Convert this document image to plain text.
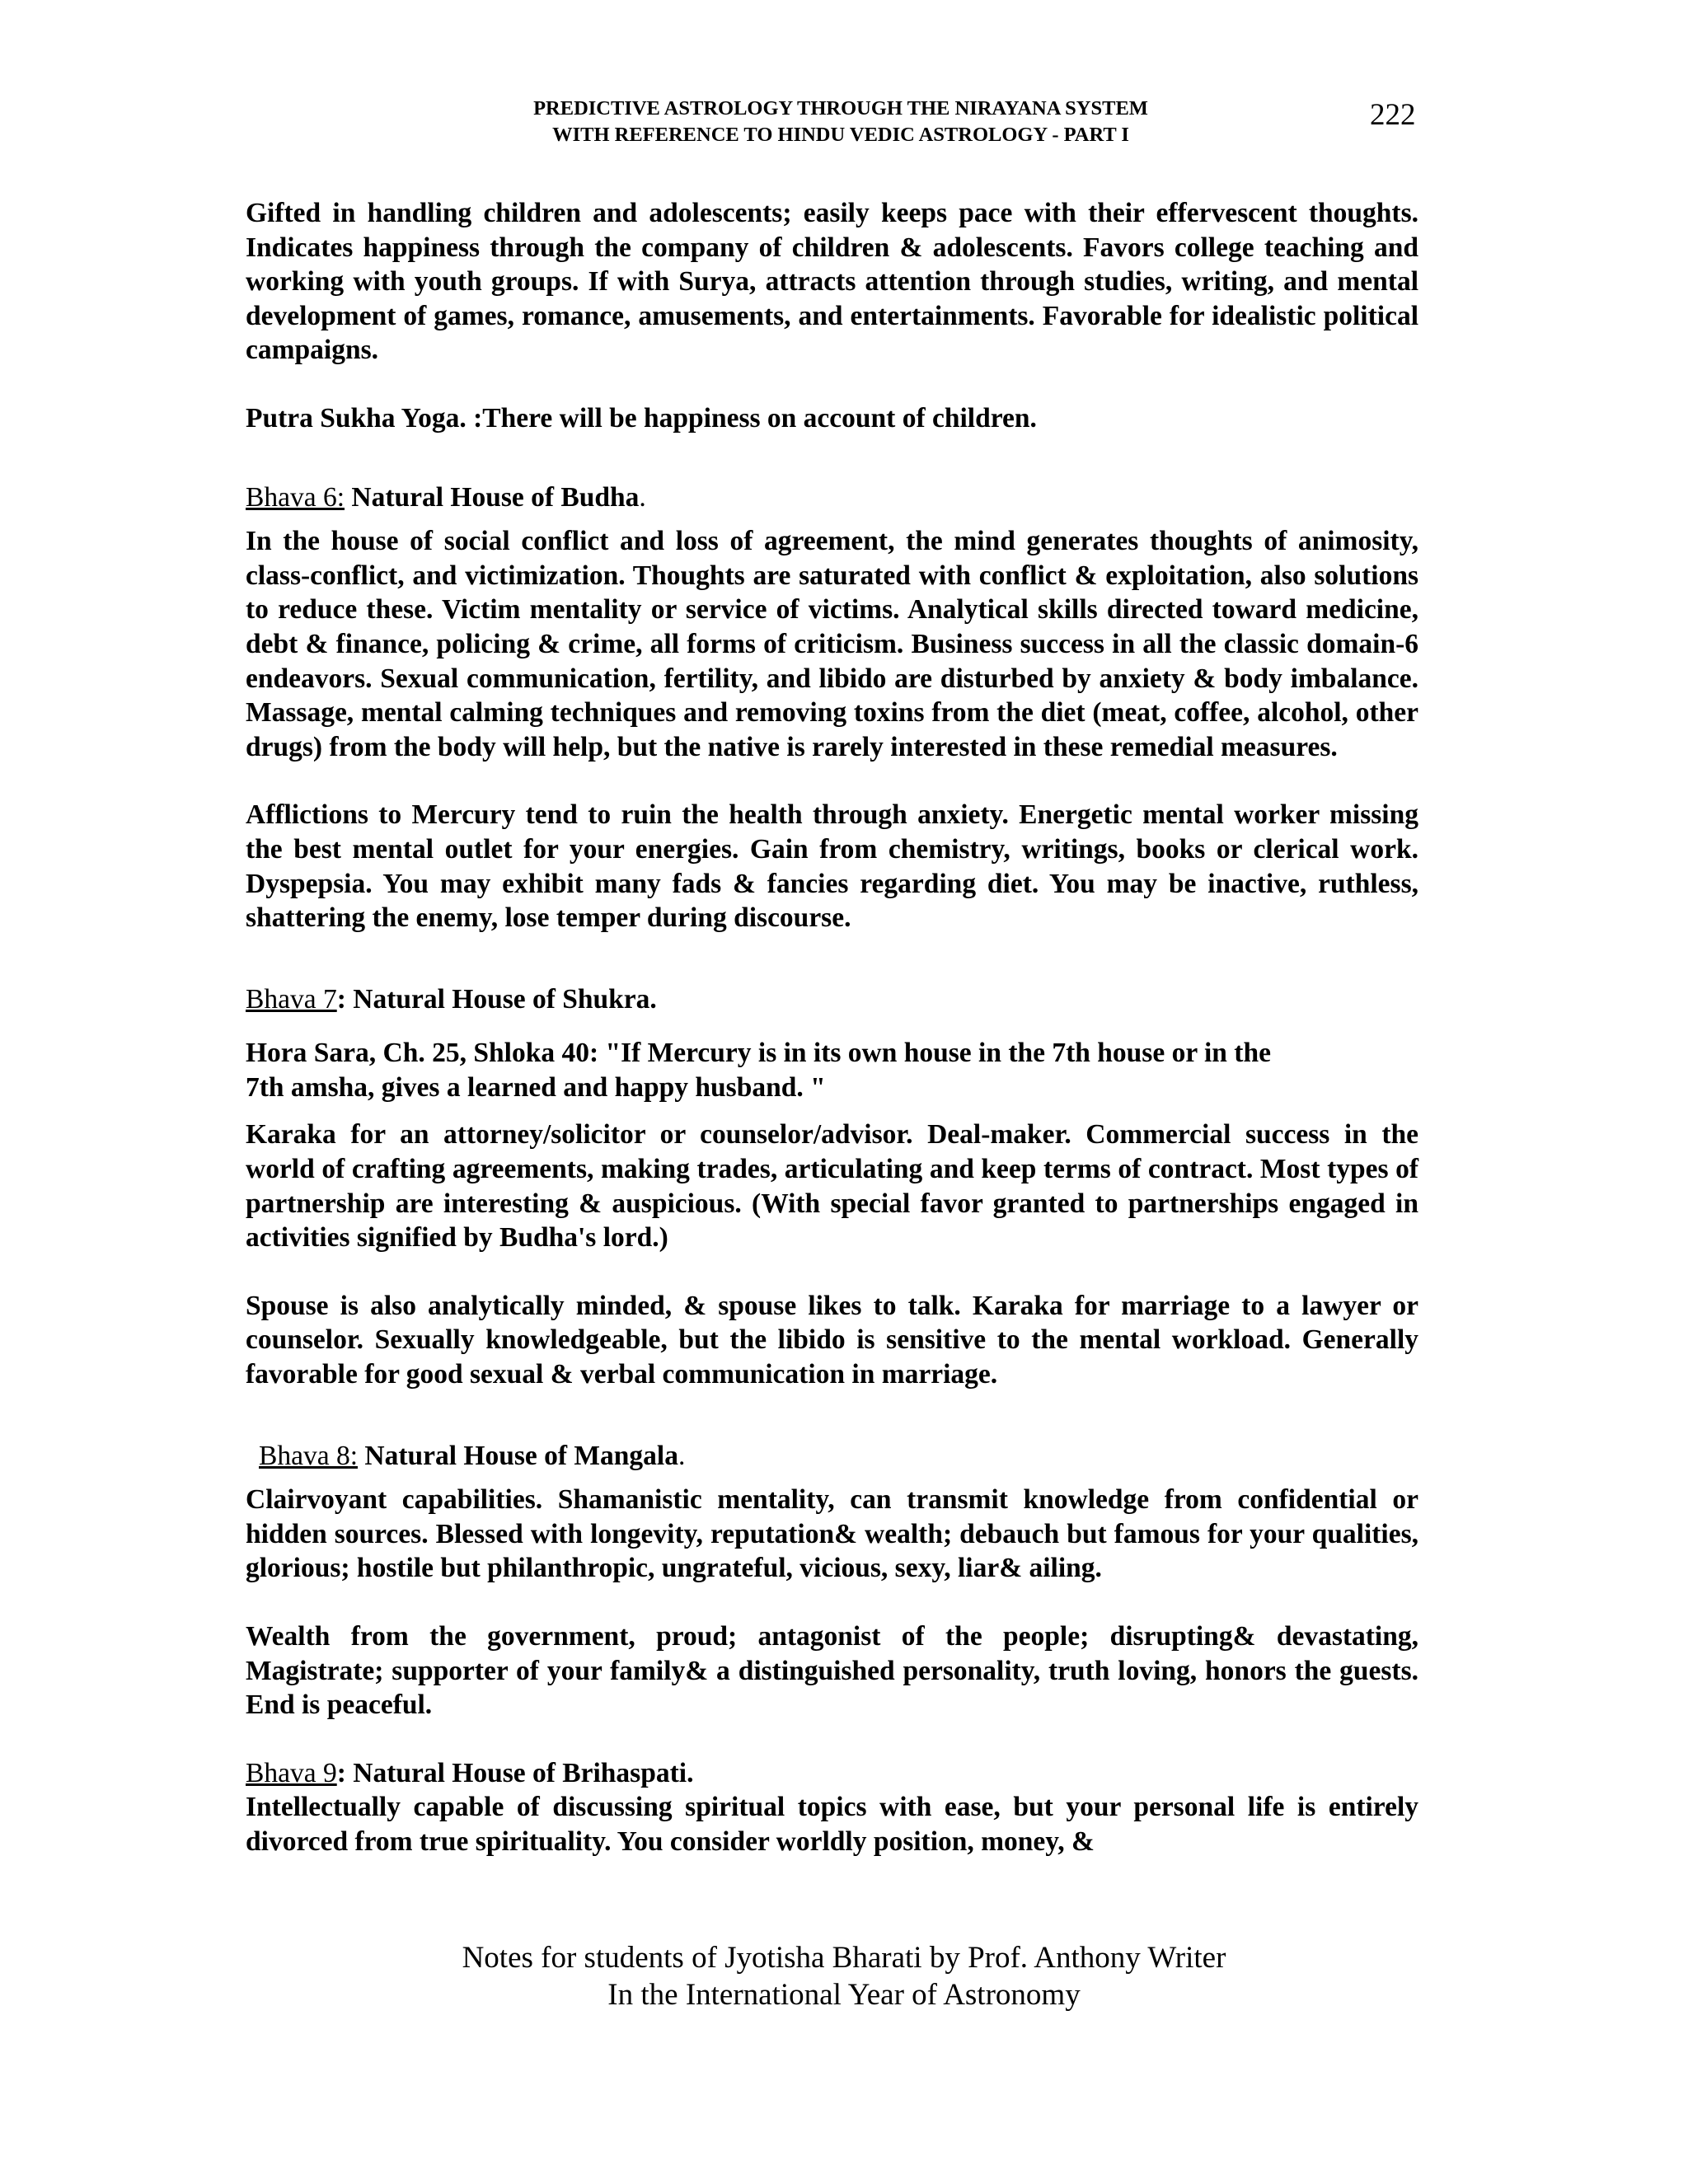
PREDICTIVE ASTROLOGY THROUGH THE NIRAYANA SYSTEM
WITH REFERENCE TO HINDU VEDIC ASTROLOGY - PART I
222

Gifted in handling children and adolescents; easily keeps pace with their effervescent thoughts. Indicates happiness through the company of children & adolescents. Favors college teaching and working with youth groups. If with Surya, attracts attention through studies, writing, and mental development of games, romance, amusements, and entertainments. Favorable for idealistic political campaigns.

Putra Sukha Yoga. :There will be happiness on account of children.

Bhava 6: Natural House of Budha.

In the house of social conflict and loss of agreement, the mind generates thoughts of animosity, class-conflict, and victimization. Thoughts are saturated with conflict & exploitation, also solutions to reduce these. Victim mentality or service of victims. Analytical skills directed toward medicine, debt & finance, policing & crime, all forms of criticism. Business success in all the classic domain-6 endeavors. Sexual communication, fertility, and libido are disturbed by anxiety & body imbalance. Massage, mental calming techniques and removing toxins from the diet (meat, coffee, alcohol, other drugs) from the body will help, but the native is rarely interested in these remedial measures.

Afflictions to Mercury tend to ruin the health through anxiety. Energetic mental worker missing the best mental outlet for your energies. Gain from chemistry, writings, books or clerical work. Dyspepsia. You may exhibit many fads & fancies regarding diet. You may be inactive, ruthless, shattering the enemy, lose temper during discourse.

Bhava 7: Natural House of Shukra.
Hora Sara, Ch. 25, Shloka 40: "If Mercury is in its own house in the 7th house or in the
7th amsha, gives a learned and happy husband. "

Karaka for an attorney/solicitor or counselor/advisor. Deal-maker. Commercial success in the world of crafting agreements, making trades, articulating and keep terms of contract. Most types of partnership are interesting & auspicious. (With special favor granted to partnerships engaged in activities signified by Budha's lord.)

Spouse is also analytically minded, & spouse likes to talk. Karaka for marriage to a lawyer or counselor. Sexually knowledgeable, but the libido is sensitive to the mental workload. Generally favorable for good sexual & verbal communication in marriage.

Bhava 8: Natural House of Mangala.

Clairvoyant capabilities. Shamanistic mentality, can transmit knowledge from confidential or hidden sources. Blessed with longevity, reputation& wealth; debauch but famous for your qualities, glorious; hostile but philanthropic, ungrateful, vicious, sexy, liar& ailing.

Wealth from the government, proud; antagonist of the people; disrupting& devastating, Magistrate; supporter of your family& a distinguished personality, truth loving, honors the guests. End is peaceful.

Bhava 9: Natural House of Brihaspati.

Intellectually capable of discussing spiritual topics with ease, but your personal life is entirely divorced from true spirituality. You consider worldly position, money, &

Notes for students of Jyotisha Bharati by Prof. Anthony Writer
In the International Year of Astronomy
